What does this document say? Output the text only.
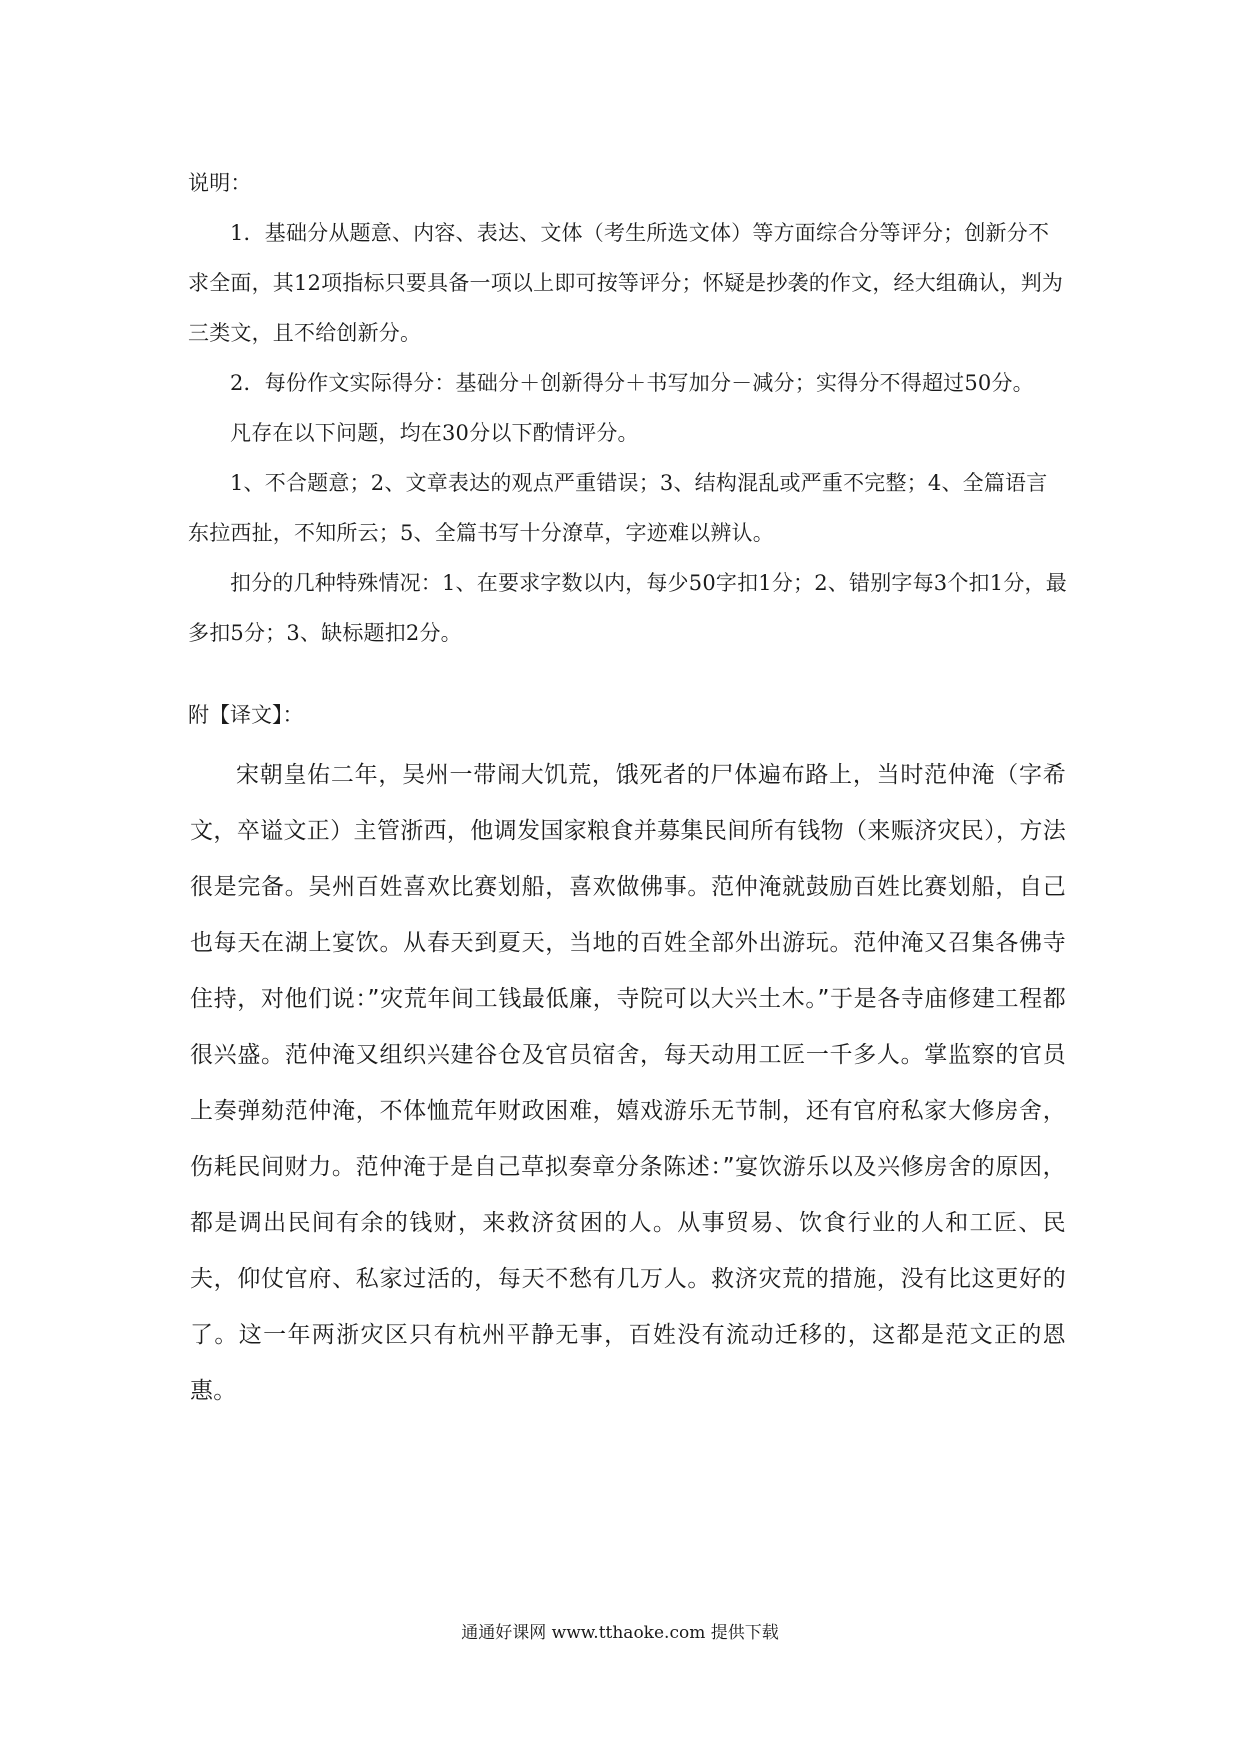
说明：

1．基础分从题意、内容、表达、文体（考生所选文体）等方面综合分等评分；创新分不求全面，其12项指标只要具备一项以上即可按等评分；怀疑是抄袭的作文，经大组确认，判为三类文，且不给创新分。

2．每份作文实际得分：基础分＋创新得分＋书写加分－减分；实得分不得超过50分。

凡存在以下问题，均在30分以下酌情评分。

1、不合题意；2、文章表达的观点严重错误；3、结构混乱或严重不完整；4、全篇语言东拉西扯，不知所云；5、全篇书写十分潦草，字迹难以辨认。

扣分的几种特殊情况：1、在要求字数以内，每少50字扣1分；2、错别字每3个扣1分，最多扣5分；3、缺标题扣2分。

附【译文】：

宋朝皇佑二年，吴州一带闹大饥荒，饿死者的尸体遍布路上，当时范仲淹（字希文，卒谥文正）主管浙西，他调发国家粮食并募集民间所有钱物（来赈济灾民），方法很是完备。吴州百姓喜欢比赛划船，喜欢做佛事。范仲淹就鼓励百姓比赛划船，自己也每天在湖上宴饮。从春天到夏天，当地的百姓全部外出游玩。范仲淹又召集各佛寺住持，对他们说：”灾荒年间工钱最低廉，寺院可以大兴土木。”于是各寺庙修建工程都很兴盛。范仲淹又组织兴建谷仓及官员宿舍，每天动用工匠一千多人。掌监察的官员上奏弹劾范仲淹，不体恤荒年财政困难，嬉戏游乐无节制，还有官府私家大修房舍，伤耗民间财力。范仲淹于是自己草拟奏章分条陈述：”宴饮游乐以及兴修房舍的原因，都是调出民间有余的钱财，来救济贫困的人。从事贸易、饮食行业的人和工匠、民夫，仰仗官府、私家过活的，每天不愁有几万人。救济灾荒的措施，没有比这更好的了。这一年两浙灾区只有杭州平静无事，百姓没有流动迁移的，这都是范文正的恩惠。

通通好课网 www.tthaoke.com 提供下载
